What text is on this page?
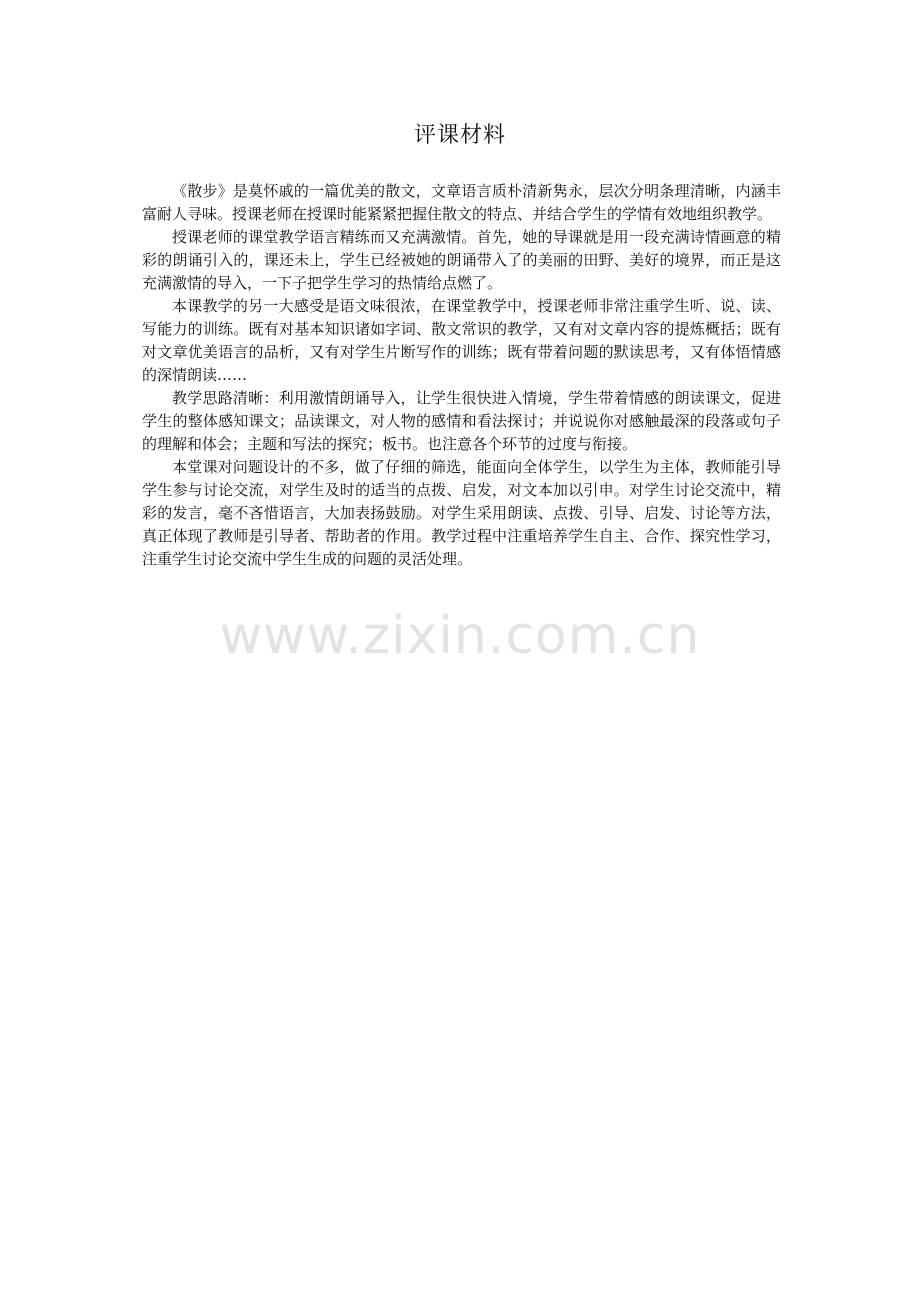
评课材料

《散步》是莫怀戚的一篇优美的散文，文章语言质朴清新隽永，层次分明条理清晰，内涵丰富耐人寻味。授课老师在授课时能紧紧把握住散文的特点、并结合学生的学情有效地组织教学。

授课老师的课堂教学语言精练而又充满激情。首先，她的导课就是用一段充满诗情画意的精彩的朗诵引入的，课还未上，学生已经被她的朗诵带入了的美丽的田野、美好的境界，而正是这充满激情的导入，一下子把学生学习的热情给点燃了。

本课教学的另一大感受是语文味很浓，在课堂教学中，授课老师非常注重学生听、说、读、写能力的训练。既有对基本知识诸如字词、散文常识的教学，又有对文章内容的提炼概括；既有对文章优美语言的品析，又有对学生片断写作的训练；既有带着问题的默读思考，又有体悟情感的深情朗读……

教学思路清晰：利用激情朗诵导入，让学生很快进入情境，学生带着情感的朗读课文，促进学生的整体感知课文；品读课文，对人物的感情和看法探讨；并说说你对感触最深的段落或句子的理解和体会；主题和写法的探究；板书。也注意各个环节的过度与衔接。

本堂课对问题设计的不多，做了仔细的筛选，能面向全体学生，以学生为主体，教师能引导学生参与讨论交流，对学生及时的适当的点拨、启发，对文本加以引申。对学生讨论交流中，精彩的发言，毫不吝惜语言，大加表扬鼓励。对学生采用朗读、点拨、引导、启发、讨论等方法，真正体现了教师是引导者、帮助者的作用。教学过程中注重培养学生自主、合作、探究性学习，注重学生讨论交流中学生生成的问题的灵活处理。

www.zixin.com.cn
